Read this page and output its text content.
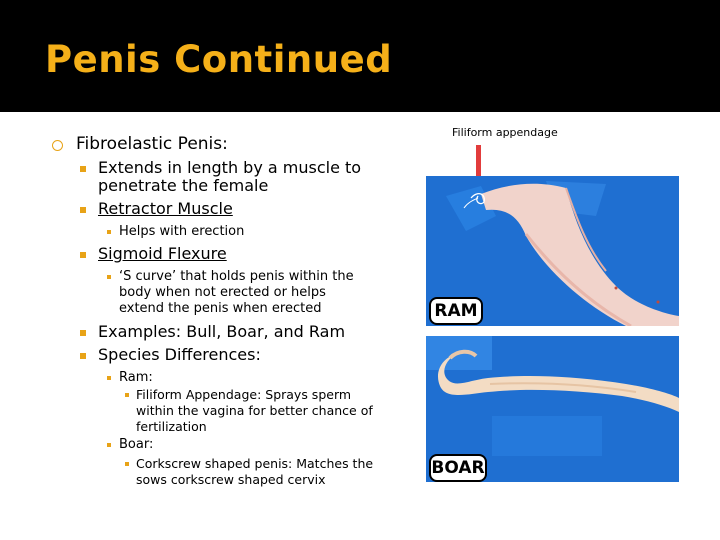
Penis Continued
Fibroelastic Penis:
Extends in length by a muscle to
penetrate the female
Retractor Muscle
Helps with erection
Sigmoid Flexure
‘S curve’ that holds penis within the
body when not erected or helps
extend the penis when erected
Examples: Bull, Boar, and Ram
Species Differences:
Ram:
Filiform Appendage: Sprays sperm
within the vagina for better chance of
fertilization
Boar:
Corkscrew shaped penis: Matches the
sows corkscrew shaped cervix
Filiform appendage
RAM
BOAR
